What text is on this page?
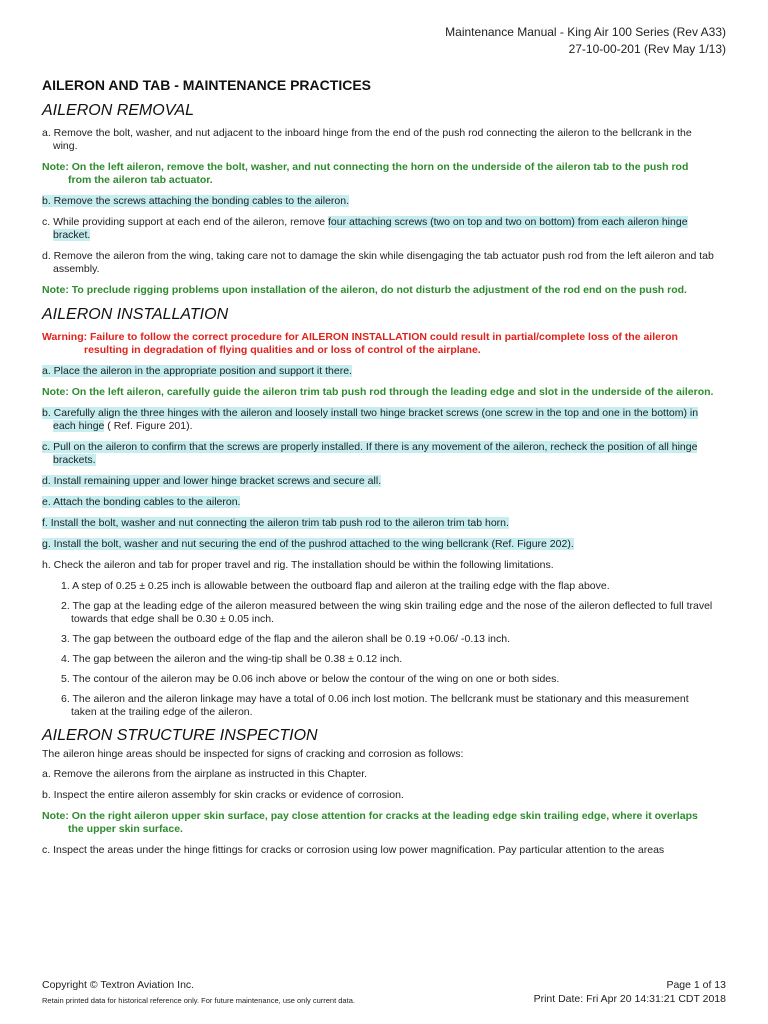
Maintenance Manual - King Air 100 Series (Rev A33)
27-10-00-201 (Rev May 1/13)
AILERON AND TAB - MAINTENANCE PRACTICES
AILERON REMOVAL

a. Remove the bolt, washer, and nut adjacent to the inboard hinge from the end of the push rod connecting the aileron to the bellcrank in the wing.

Note: On the left aileron, remove the bolt, washer, and nut connecting the horn on the underside of the aileron tab to the push rod from the aileron tab actuator.

b. Remove the screws attaching the bonding cables to the aileron.

c. While providing support at each end of the aileron, remove four attaching screws (two on top and two on bottom) from each aileron hinge bracket.

d. Remove the aileron from the wing, taking care not to damage the skin while disengaging the tab actuator push rod from the left aileron and tab assembly.

Note: To preclude rigging problems upon installation of the aileron, do not disturb the adjustment of the rod end on the push rod.

AILERON INSTALLATION

Warning: Failure to follow the correct procedure for AILERON INSTALLATION could result in partial/complete loss of the aileron resulting in degradation of flying qualities and or loss of control of the airplane.

a. Place the aileron in the appropriate position and support it there.

Note: On the left aileron, carefully guide the aileron trim tab push rod through the leading edge and slot in the underside of the aileron.

b. Carefully align the three hinges with the aileron and loosely install two hinge bracket screws (one screw in the top and one in the bottom) in each hinge ( Ref. Figure 201).

c. Pull on the aileron to confirm that the screws are properly installed. If there is any movement of the aileron, recheck the position of all hinge brackets.

d. Install remaining upper and lower hinge bracket screws and secure all.

e. Attach the bonding cables to the aileron.

f. Install the bolt, washer and nut connecting the aileron trim tab push rod to the aileron trim tab horn.

g. Install the bolt, washer and nut securing the end of the pushrod attached to the wing bellcrank (Ref. Figure 202).

h. Check the aileron and tab for proper travel and rig. The installation should be within the following limitations.

1. A step of 0.25 ± 0.25 inch is allowable between the outboard flap and aileron at the trailing edge with the flap above.

2. The gap at the leading edge of the aileron measured between the wing skin trailing edge and the nose of the aileron deflected to full travel towards that edge shall be 0.30 ± 0.05 inch.

3. The gap between the outboard edge of the flap and the aileron shall be 0.19 +0.06/ -0.13 inch.

4. The gap between the aileron and the wing-tip shall be 0.38 ± 0.12 inch.

5. The contour of the aileron may be 0.06 inch above or below the contour of the wing on one or both sides.

6. The aileron and the aileron linkage may have a total of 0.06 inch lost motion. The bellcrank must be stationary and this measurement taken at the trailing edge of the aileron.

AILERON STRUCTURE INSPECTION

The aileron hinge areas should be inspected for signs of cracking and corrosion as follows:

a. Remove the ailerons from the airplane as instructed in this Chapter.

b. Inspect the entire aileron assembly for skin cracks or evidence of corrosion.

Note: On the right aileron upper skin surface, pay close attention for cracks at the leading edge skin trailing edge, where it overlaps the upper skin surface.

c. Inspect the areas under the hinge fittings for cracks or corrosion using low power magnification. Pay particular attention to the areas

Copyright © Textron Aviation Inc.
Retain printed data for historical reference only. For future maintenance, use only current data.
Page 1 of 13
Print Date: Fri Apr 20 14:31:21 CDT 2018
